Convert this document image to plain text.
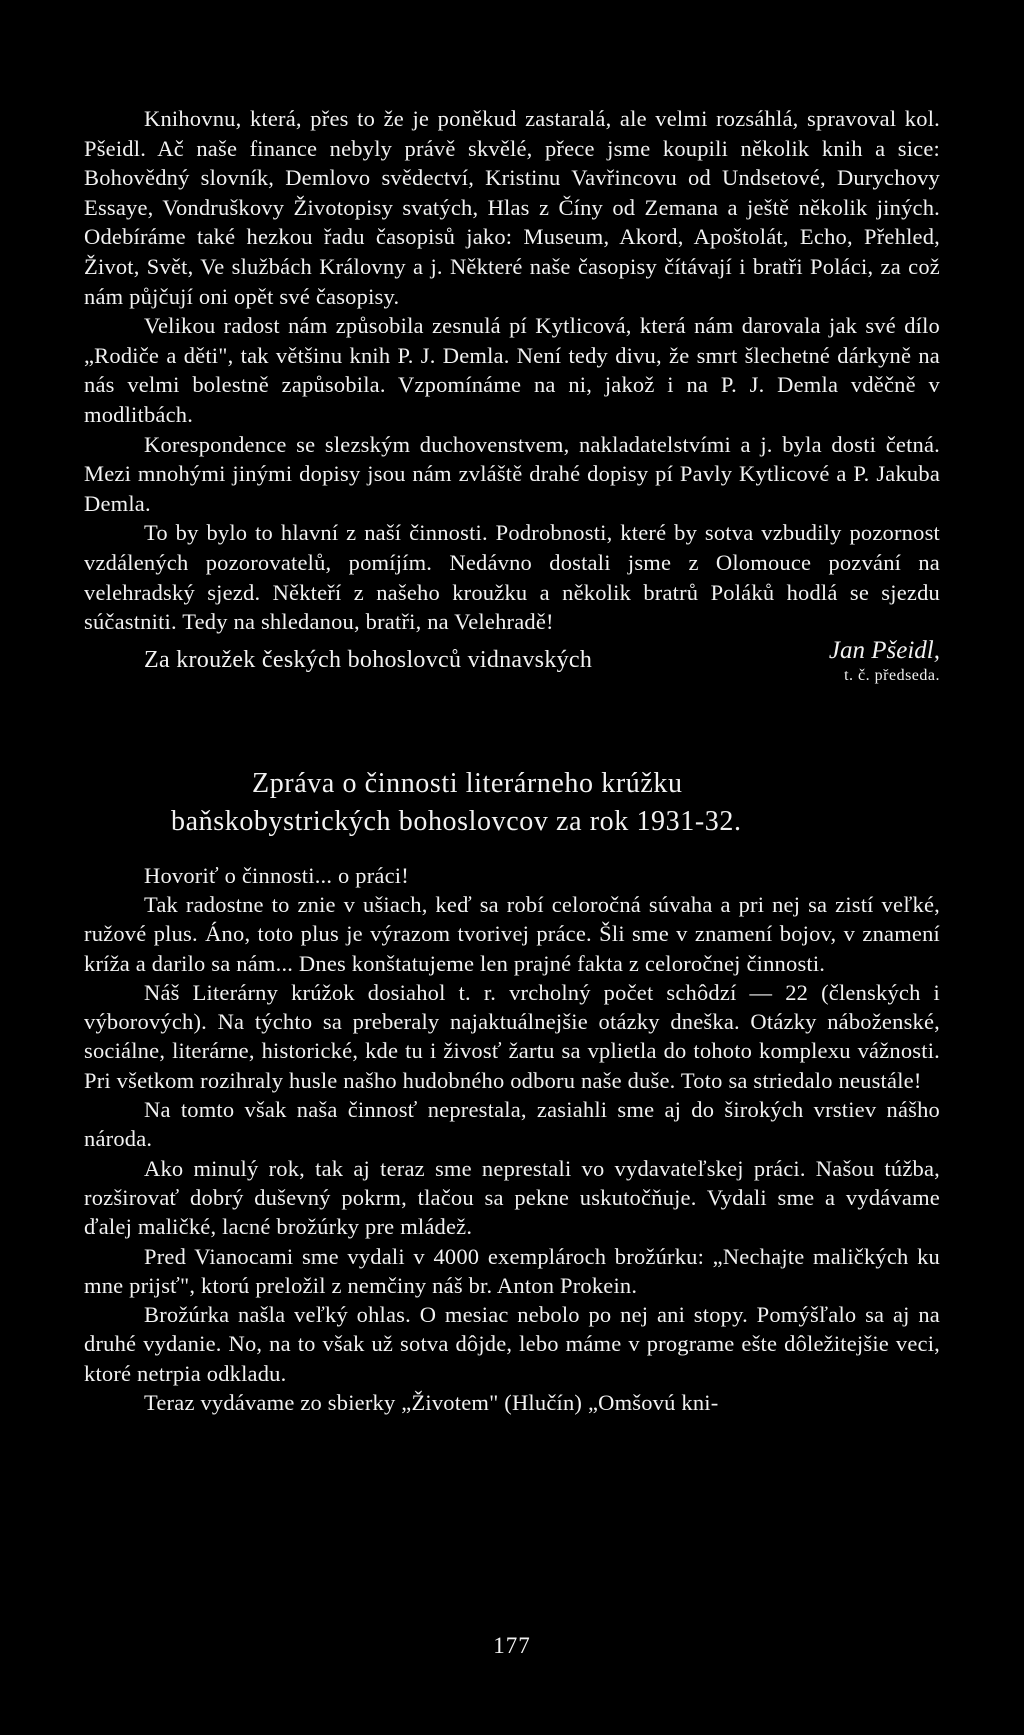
Knihovnu, která, přes to že je poněkud zastaralá, ale velmi rozsáhlá, spravoval kol. Pšeidl. Ač naše finance nebyly právě skvělé, přece jsme koupili několik knih a sice: Bohovědný slovník, Demlovo svědectví, Kristinu Vavřincovu od Undsetové, Durychovy Essaye, Vondruškovy Životopisy svatých, Hlas z Číny od Zemana a ještě několik jiných. Odebíráme také hezkou řadu časopisů jako: Museum, Akord, Apoštolát, Echo, Přehled, Život, Svět, Ve službách Královny a j. Některé naše časopisy čítávají i bratři Poláci, za což nám půjčují oni opět své časopisy.

Velikou radost nám způsobila zesnulá pí Kytlicová, která nám darovala jak své dílo „Rodiče a děti", tak většinu knih P. J. Demla. Není tedy divu, že smrt šlechetné dárkyně na nás velmi bolestně zapůsobila. Vzpomínáme na ni, jakož i na P. J. Demla vděčně v modlitbách.

Korespondence se slezským duchovenstvem, nakladatelstvími a j. byla dosti četná. Mezi mnohými jinými dopisy jsou nám zvláště drahé dopisy pí Pavly Kytlicové a P. Jakuba Demla.

To by bylo to hlavní z naší činnosti. Podrobnosti, které by sotva vzbudily pozornost vzdálených pozorovatelů, pomíjím. Nedávno dostali jsme z Olomouce pozvání na velehradský sjezd. Někteří z našeho kroužku a několik bratrů Poláků hodlá se sjezdu súčastniti. Tedy na shledanou, bratři, na Velehradě!

Za kroužek českých bohoslovců vidnavských	Jan Pšeidl,
t. č. předseda.
Zpráva o činnosti literárneho krúžku
baňskobystrických bohoslovcov za rok 1931-32.

Hovoriť o činnosti... o práci!

Tak radostne to znie v ušiach, keď sa robí celoročná súvaha a pri nej sa zistí veľké, ružové plus. Áno, toto plus je výrazom tvorivej práce. Šli sme v znamení bojov, v znamení kríža a darilo sa nám... Dnes konštatujeme len prajné fakta z celoročnej činnosti.

Náš Literárny krúžok dosiahol t. r. vrcholný počet schôdzí — 22 (členských i výborových). Na týchto sa preberaly najaktuálnejšie otázky dneška. Otázky náboženské, sociálne, literárne, historické, kde tu i živosť žartu sa vplietla do tohoto komplexu vážnosti. Pri všetkom rozihraly husle našho hudobného odboru naše duše. Toto sa striedalo neustále!

Na tomto však naša činnosť neprestala, zasiahli sme aj do širokých vrstiev nášho národa.

Ako minulý rok, tak aj teraz sme neprestali vo vydavateľskej práci. Našou túžba, rozširovať dobrý duševný pokrm, tlačou sa pekne uskutočňuje. Vydali sme a vydávame ďalej maličké, lacné brožúrky pre mládež.

Pred Vianocami sme vydali v 4000 exemplároch brožúrku: „Nechajte maličkých ku mne prijsť", ktorú preložil z nemčiny náš br. Anton Prokein.

Brožúrka našla veľký ohlas. O mesiac nebolo po nej ani stopy. Pomýšľalo sa aj na druhé vydanie. No, na to však už sotva dôjde, lebo máme v programe ešte dôležitejšie veci, ktoré netrpia odkladu.

Teraz vydávame zo sbierky „Životem" (Hlučín) „Omšovú kni-

177
